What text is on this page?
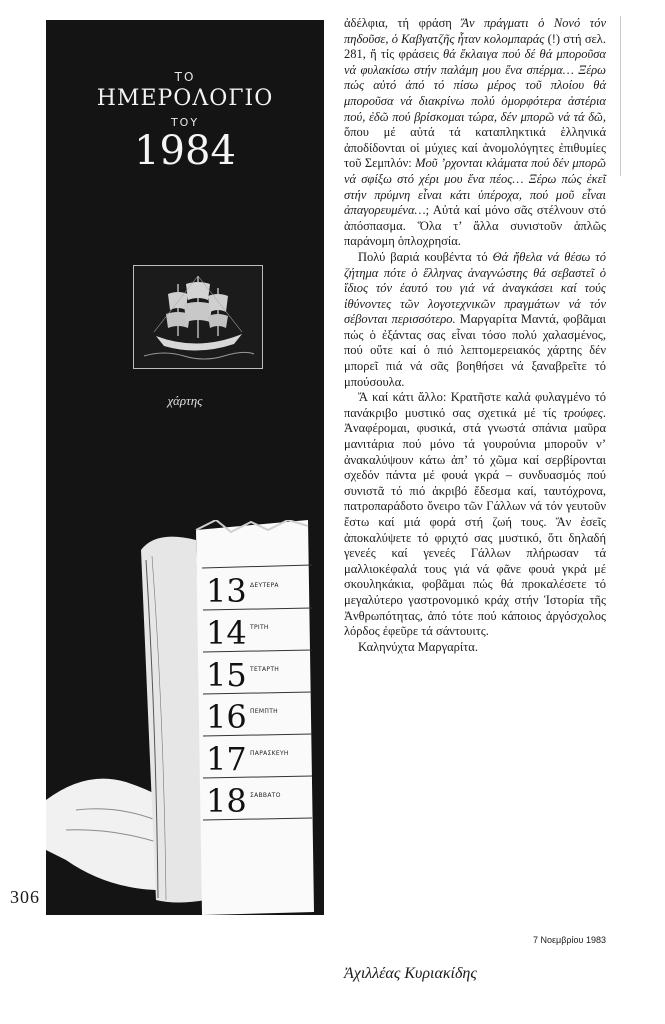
306
ΤΟ
ΗΜΕΡΟΛΟΓΙΟ
ΤΟΥ
1984
χάρτης
13 ΔΕΥΤΕΡΑ
14 ΤΡΙΤΗ
15 ΤΕΤΑΡΤΗ
16 ΠΕΜΠΤΗ
17 ΠΑΡΑΣΚΕΥΗ
18 ΣΑΒΒΑΤΟ

ἀδέλφια, τή φράση Ἄν πράγματι ὁ Νονό τόν πηδοῦσε, ὁ Καβγατζῆς ἦταν κολομπαράς (!) στή σελ. 281, ἤ τίς φράσεις θά ἔκλαιγα πού δέ θά μποροῦσα νά φυλακίσω στήν παλάμη μου ἕνα σπέρμα… Ξέρω πώς αὐτό ἀπό τό πίσω μέρος τοῦ πλοίου θά μποροῦσα νά διακρίνω πολύ ὀμορφότερα ἀστέρια πού, ἐδῶ πού βρίσκομαι τώρα, δέν μπορῶ νά τά δῶ, ὅπου μέ αὐτά τά καταπληκτικά ἑλληνικά ἀποδίδονται οἱ μύχιες καί ἀνομολόγητες ἐπιθυμίες τοῦ Σεμπλόν: Μοῦ ’ρχονται κλάματα πού δέν μπορῶ νά σφίξω στό χέρι μου ἕνα πέος… Ξέρω πώς ἐκεῖ στήν πρύμνη εἶναι κάτι ὑπέροχα, πού μοῦ εἶναι ἀπαγορευμένα…; Αὐτά καί μόνο σᾶς στέλνουν στό ἀπόσπασμα. Ὅλα τ’ ἄλλα συνιστοῦν ἁπλῶς παράνομη ὁπλοχρησία.

Πολύ βαριά κουβέντα τό Θά ἤθελα νά θέσω τό ζήτημα πότε ὁ ἕλληνας ἀναγνώστης θά σεβαστεῖ ὁ ἴδιος τόν ἑαυτό του γιά νά ἀναγκάσει καί τούς ἰθύνοντες τῶν λογοτεχνικῶν πραγμάτων νά τόν σέβονται περισσότερο. Μαργαρίτα Μαντά, φοβᾶμαι πώς ὁ ἐξάντας σας εἶναι τόσο πολύ χαλασμένος, πού οὔτε καί ὁ πιό λεπτομερειακός χάρτης δέν μπορεῖ πιά νά σᾶς βοηθήσει νά ξαναβρεῖτε τό μπούσουλα.

Ἄ καί κάτι ἄλλο: Κρατῆστε καλά φυλαγμένο τό πανάκριβο μυστικό σας σχετικά μέ τίς τρούφες. Ἀναφέρομαι, φυσικά, στά γνωστά σπάνια μαῦρα μανιτάρια πού μόνο τά γουρούνια μποροῦν ν’ ἀνακαλύψουν κάτω ἀπ’ τό χῶμα καί σερβίρονται σχεδόν πάντα μέ φουά γκρά – συνδυασμός πού συνιστᾶ τό πιό ἀκριβό ἔδεσμα καί, ταυτόχρονα, πατροπαράδοτο ὄνειρο τῶν Γάλλων νά τόν γευτοῦν ἔστω καί μιά φορά στή ζωή τους. Ἄν ἐσεῖς ἀποκαλύψετε τό φριχτό σας μυστικό, ὅτι δηλαδή γενεές καί γενεές Γάλλων πλήρωσαν τά μαλλιοκέφαλά τους γιά νά φᾶνε φουά γκρά μέ σκουληκάκια, φοβᾶμαι πώς θά προκαλέσετε τό μεγαλύτερο γαστρονομικό κράχ στήν Ἱστορία τῆς Ἀνθρωπότητας, ἀπό τότε πού κάποιος ἀργόσχολος λόρδος ἐφεῦρε τά σάντουιτς.

Καληνύχτα Μαργαρίτα.

7 Νοεμβρίου 1983
Ἀχιλλέας Κυριακίδης
